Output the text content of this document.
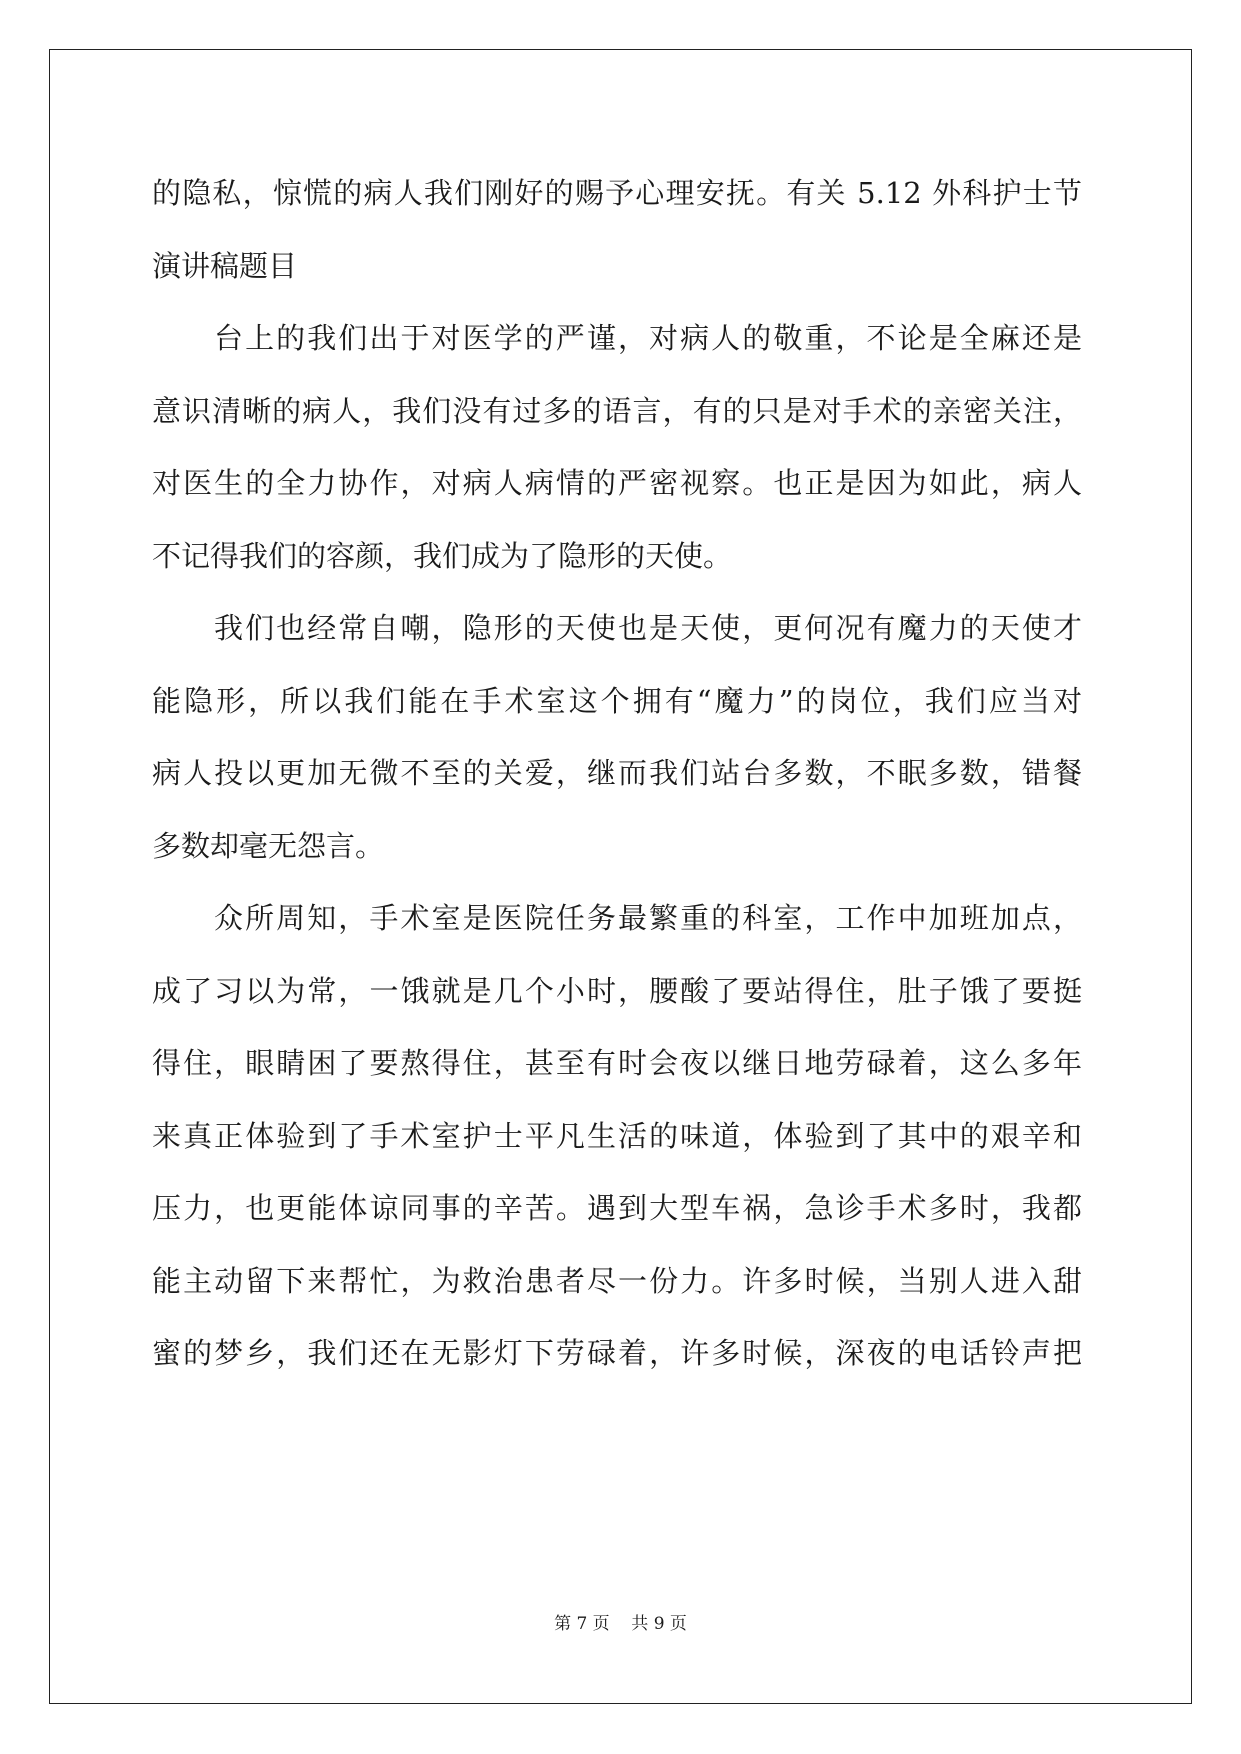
的隐私，惊慌的病人我们刚好的赐予心理安抚。有关 5.12 外科护士节
演讲稿题目
台上的我们出于对医学的严谨，对病人的敬重，不论是全麻还是
意识清晰的病人，我们没有过多的语言，有的只是对手术的亲密关注，
对医生的全力协作，对病人病情的严密视察。也正是因为如此，病人
不记得我们的容颜，我们成为了隐形的天使。
我们也经常自嘲，隐形的天使也是天使，更何况有魔力的天使才
能隐形，所以我们能在手术室这个拥有“魔力”的岗位，我们应当对
病人投以更加无微不至的关爱，继而我们站台多数，不眠多数，错餐
多数却毫无怨言。
众所周知，手术室是医院任务最繁重的科室，工作中加班加点，
成了习以为常，一饿就是几个小时，腰酸了要站得住，肚子饿了要挺
得住，眼睛困了要熬得住，甚至有时会夜以继日地劳碌着，这么多年
来真正体验到了手术室护士平凡生活的味道，体验到了其中的艰辛和
压力，也更能体谅同事的辛苦。遇到大型车祸，急诊手术多时，我都
能主动留下来帮忙，为救治患者尽一份力。许多时候，当别人进入甜
蜜的梦乡，我们还在无影灯下劳碌着，许多时候，深夜的电话铃声把
第 7 页    共 9 页
